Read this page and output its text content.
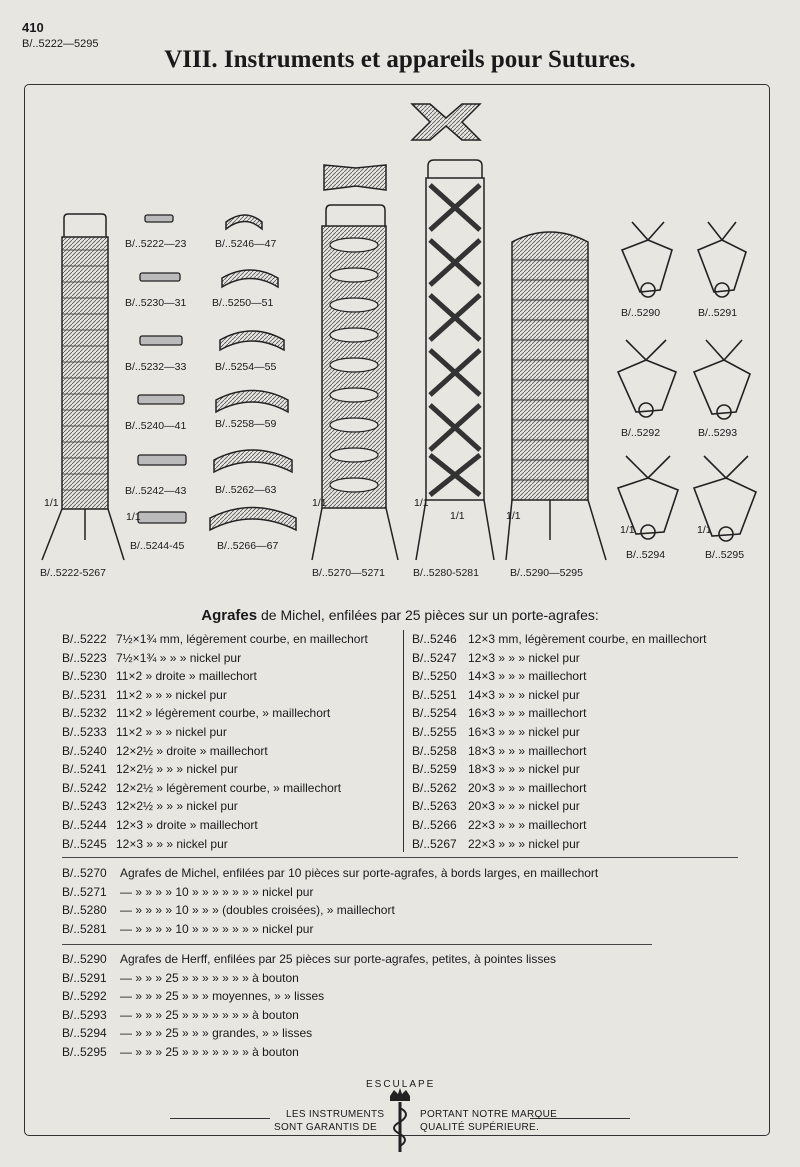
410
B/..5222—5295
VIII. Instruments et appareils pour Sutures.
B/..5222—23	B/..5246—47
B/..5230—31 B/..5250—51
B/..5232—33	B/..5254—55
B/..5240—41	B/..5258—59
B/..5242—43	B/..5262—63
B/..5244-45	B/..5266—67
B/..5290	B/..5291
B/..5292	B/..5293
B/..5294	B/..5295
B/..5222-5267	B/..5270—5271	B/..5280-5281	B/..5290—5295
1/1
1/1
1/1	1/1
1/1
1/1	1/1
1/1
Agrafes de Michel, enfilées par 25 pièces sur un porte-agrafes:
B/..5222 7½×1¾ mm, légèrement courbe, en maillechort
B/..5223 7½×1¾ » » » nickel pur
B/..5230 11×2 » droite » maillechort
B/..5231 11×2 » » » nickel pur
B/..5232 11×2 » légèrement courbe, » maillechort
B/..5233 11×2 » » » nickel pur
B/..5240 12×2½ » droite » maillechort
B/..5241 12×2½ » » » nickel pur
B/..5242 12×2½ » légèrement courbe, » maillechort
B/..5243 12×2½ » » » nickel pur
B/..5244 12×3 » droite » maillechort
B/..5245 12×3 » » » nickel pur
B/..5246 12×3 mm, légèrement courbe, en maillechort
B/..5247 12×3 » » » nickel pur
B/..5250 14×3 » » » maillechort
B/..5251 14×3 » » » nickel pur
B/..5254 16×3 » » » maillechort
B/..5255 16×3 » » » nickel pur
B/..5258 18×3 » » » maillechort
B/..5259 18×3 » » » nickel pur
B/..5262 20×3 » » » maillechort
B/..5263 20×3 » » » nickel pur
B/..5266 22×3 » » » maillechort
B/..5267 22×3 » » » nickel pur
B/..5270 Agrafes de Michel, enfilées par 10 pièces sur porte-agrafes, à bords larges, en maillechort
B/..5271 — » » » » 10 » » » » » » » nickel pur
B/..5280 — » » » » 10 » » » (doubles croisées), » maillechort
B/..5281 — » » » » 10 » » » » » » » nickel pur
B/..5290 Agrafes de Herff, enfilées par 25 pièces sur porte-agrafes, petites, à pointes lisses
B/..5291 — » » » 25 » » » » » » » à bouton
B/..5292 — » » » 25 » » » moyennes, » » lisses
B/..5293 — » » » 25 » » » » » » » à bouton
B/..5294 — » » » 25 » » » grandes, » » lisses
B/..5295 — » » » 25 » » » » » » » à bouton
ESCULAPE
LES INSTRUMENTS
SONT GARANTIS DE
PORTANT NOTRE MARQUE
QUALITÉ SUPÉRIEURE.
